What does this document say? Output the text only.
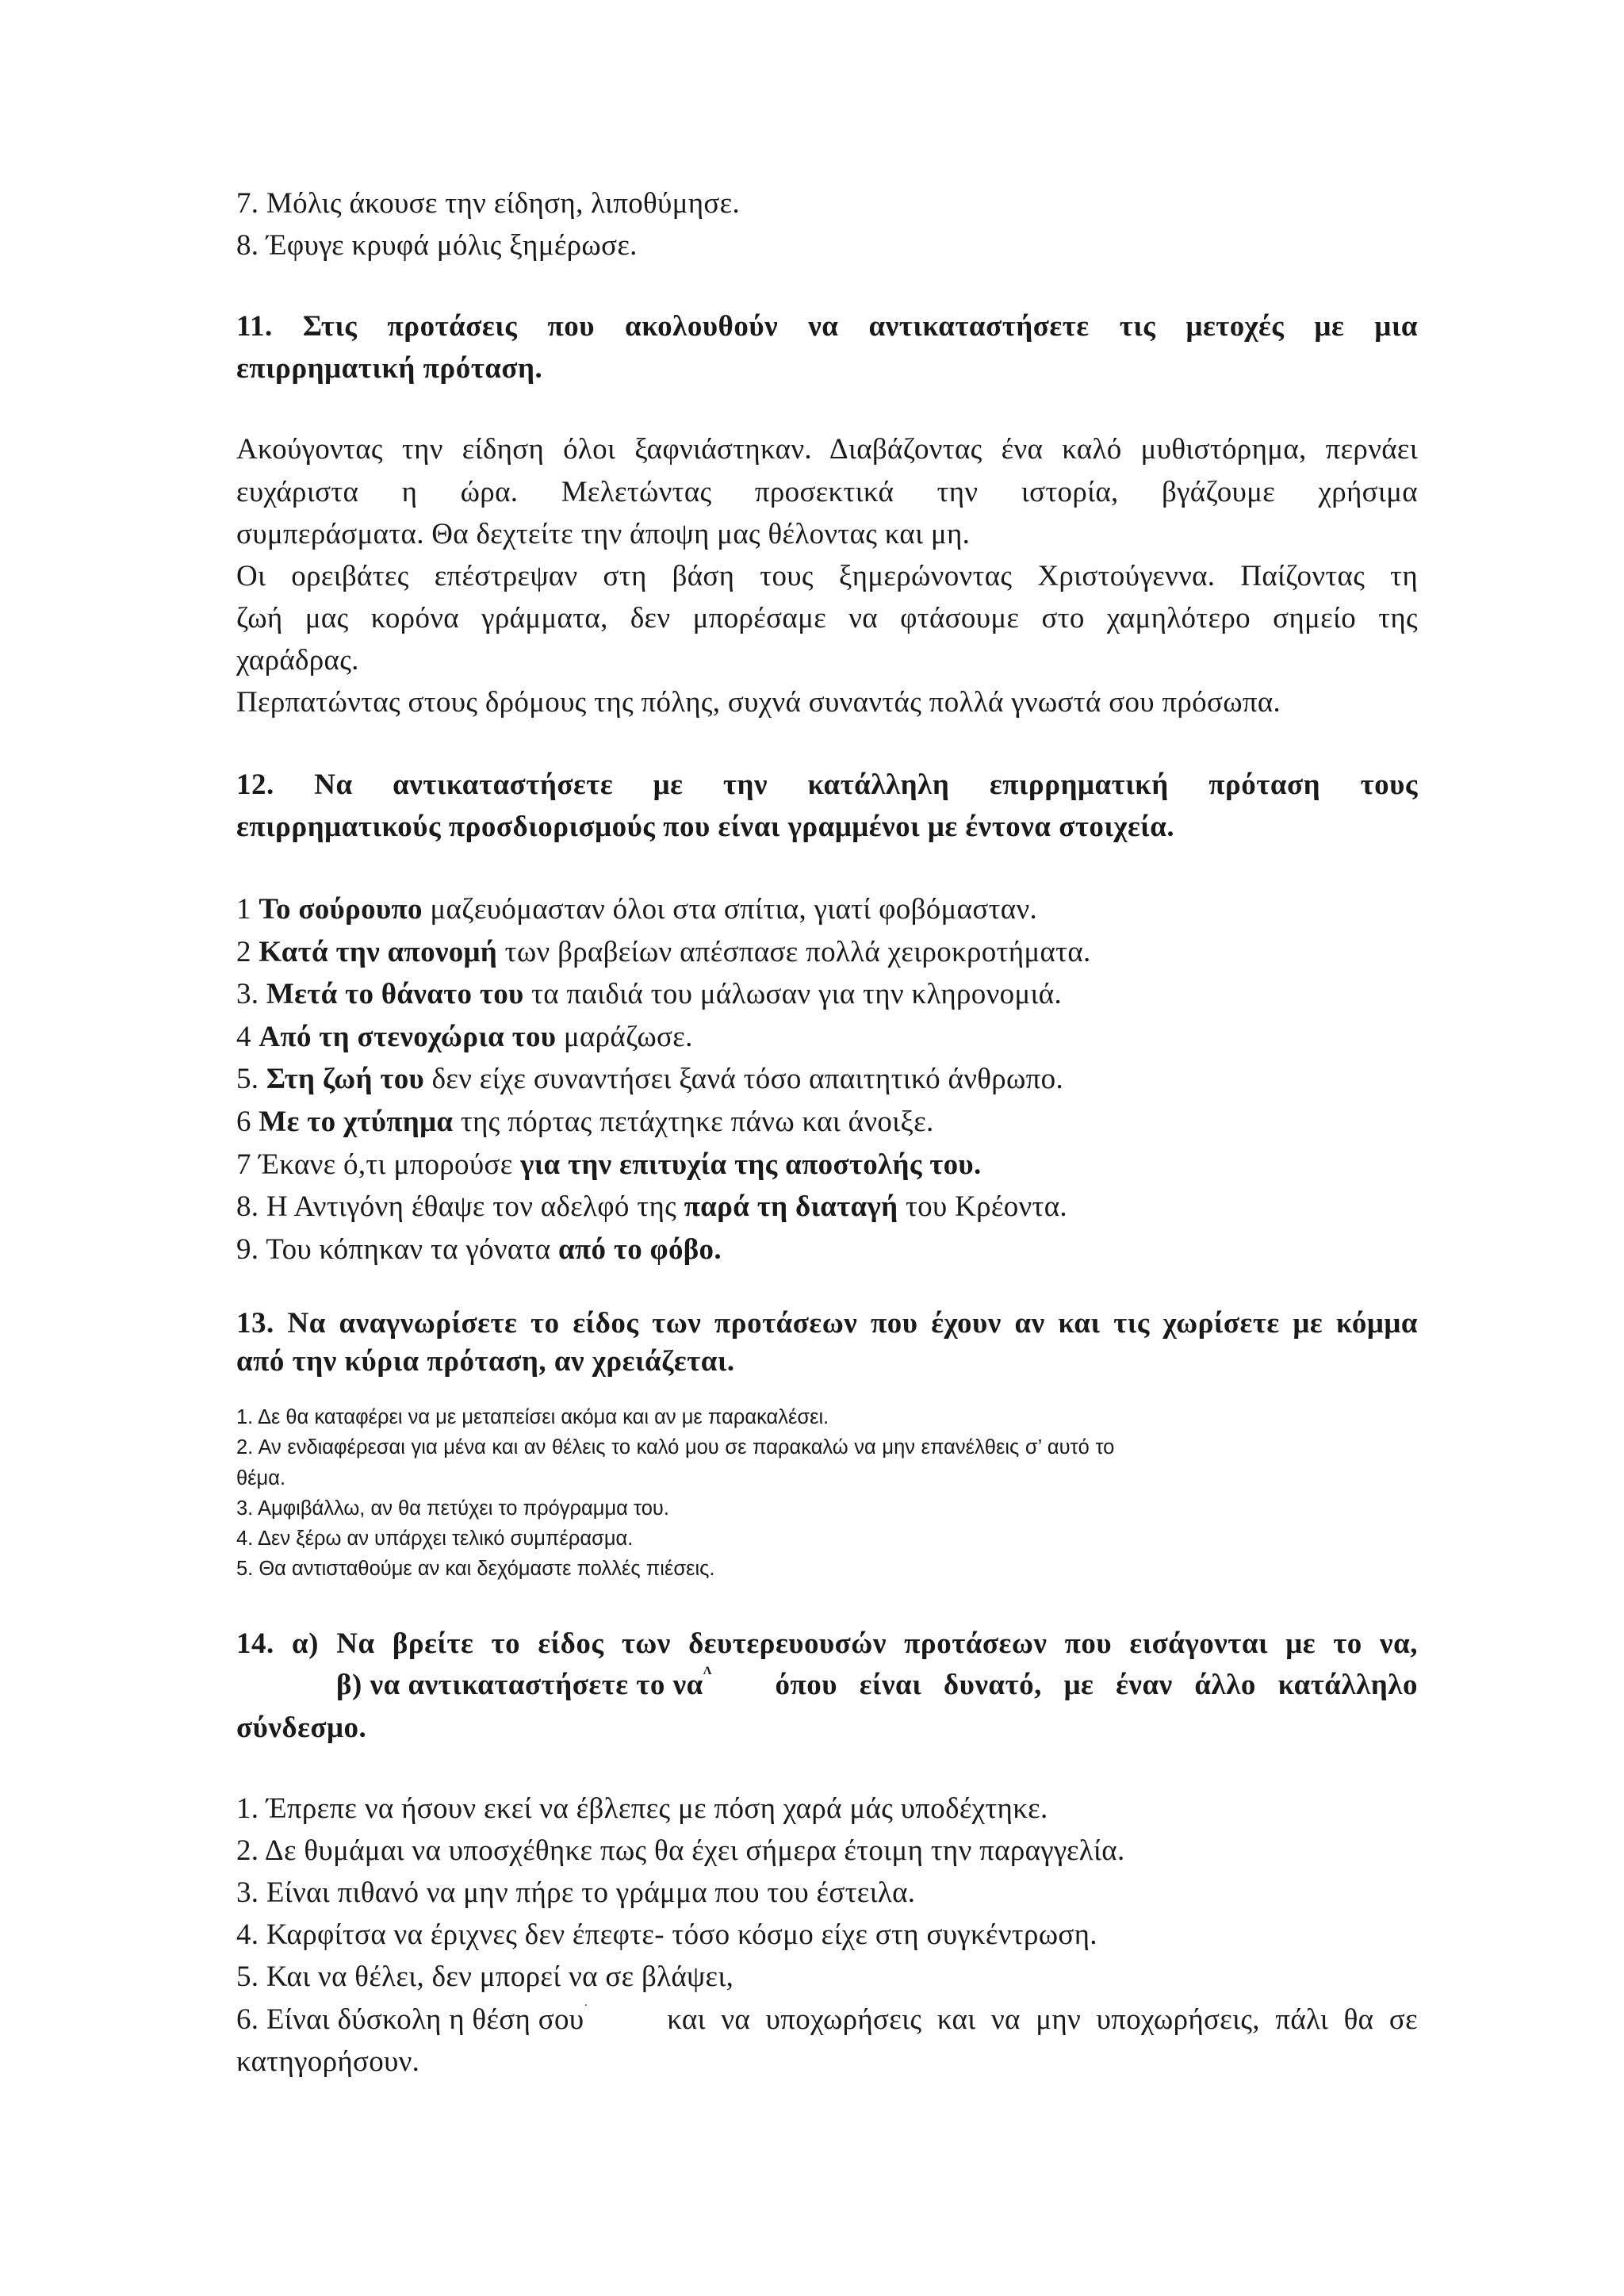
7. Μόλις άκουσε την είδηση, λιποθύμησε.
8. Έφυγε κρυφά μόλις ξημέρωσε.
11. Στις προτάσεις που ακολουθούν να αντικαταστήσετε τις μετοχές με μια
επιρρηματική πρόταση.
Ακούγοντας την είδηση όλοι ξαφνιάστηκαν. Διαβάζοντας ένα καλό μυθιστόρημα, περνάει
ευχάριστα η ώρα. Μελετώντας προσεκτικά την ιστορία, βγάζουμε χρήσιμα
συμπεράσματα. Θα δεχτείτε την άποψη μας θέλοντας και μη.
Οι ορειβάτες επέστρεψαν στη βάση τους ξημερώνοντας Χριστούγεννα. Παίζοντας τη
ζωή μας κορόνα γράμματα, δεν μπορέσαμε να φτάσουμε στο χαμηλότερο σημείο της
χαράδρας.
Περπατώντας στους δρόμους της πόλης, συχνά συναντάς πολλά γνωστά σου πρόσωπα.
12. Να αντικαταστήσετε με την κατάλληλη επιρρηματική πρόταση τους
επιρρηματικούς προσδιορισμούς που είναι γραμμένοι με έντονα στοιχεία.
1 Το σούρουπο μαζευόμασταν όλοι στα σπίτια, γιατί φοβόμασταν.
2 Κατά την απονομή των βραβείων απέσπασε πολλά χειροκροτήματα.
3. Μετά το θάνατο του τα παιδιά του μάλωσαν για την κληρονομιά.
4 Από τη στενοχώρια του μαράζωσε.
5. Στη ζωή του δεν είχε συναντήσει ξανά τόσο απαιτητικό άνθρωπο.
6 Με το χτύπημα της πόρτας πετάχτηκε πάνω και άνοιξε.
7 Έκανε ό,τι μπορούσε για την επιτυχία της αποστολής του.
8. Η Αντιγόνη έθαψε τον αδελφό της παρά τη διαταγή του Κρέοντα.
9. Του κόπηκαν τα γόνατα από το φόβο.
13. Να αναγνωρίσετε το είδος των προτάσεων που έχουν αν και τις χωρίσετε με κόμμα
από την κύρια πρόταση, αν χρειάζεται.
1. Δε θα καταφέρει να με μεταπείσει ακόμα και αν με παρακαλέσει.
2. Αν ενδιαφέρεσαι για μένα και αν θέλεις το καλό μου σε παρακαλώ να μην επανέλθεις σ’ αυτό το
θέμα.
3. Αμφιβάλλω, αν θα πετύχει το πρόγραμμα του.
4. Δεν ξέρω αν υπάρχει τελικό συμπέρασμα.
5. Θα αντισταθούμε αν και δεχόμαστε πολλές πιέσεις.
14. α) Να βρείτε το είδος των δευτερευουσών προτάσεων που εισάγονται με το να,
β) να αντικαταστήσετε το $\nu\alpha^\Lambda$ όπου είναι δυνατό, με έναν άλλο κατάλληλο
σύνδεσμο.
1. Έπρεπε να ήσουν εκεί να έβλεπες με πόση χαρά μάς υποδέχτηκε.
2. Δε θυμάμαι να υποσχέθηκε πως θα έχει σήμερα έτοιμη την παραγγελία.
3. Είναι πιθανό να μην πήρε το γράμμα που του έστειλα.
4. Καρφίτσα να έριχνες δεν έπεφτε- τόσο κόσμο είχε στη συγκέντρωση.
5. Και να θέλει, δεν μπορεί να σε βλάψει,
6. Είναι δύσκολη η θέση σου·	και να υποχωρήσεις και να μην υποχωρήσεις, πάλι θα σε
κατηγορήσουν.
